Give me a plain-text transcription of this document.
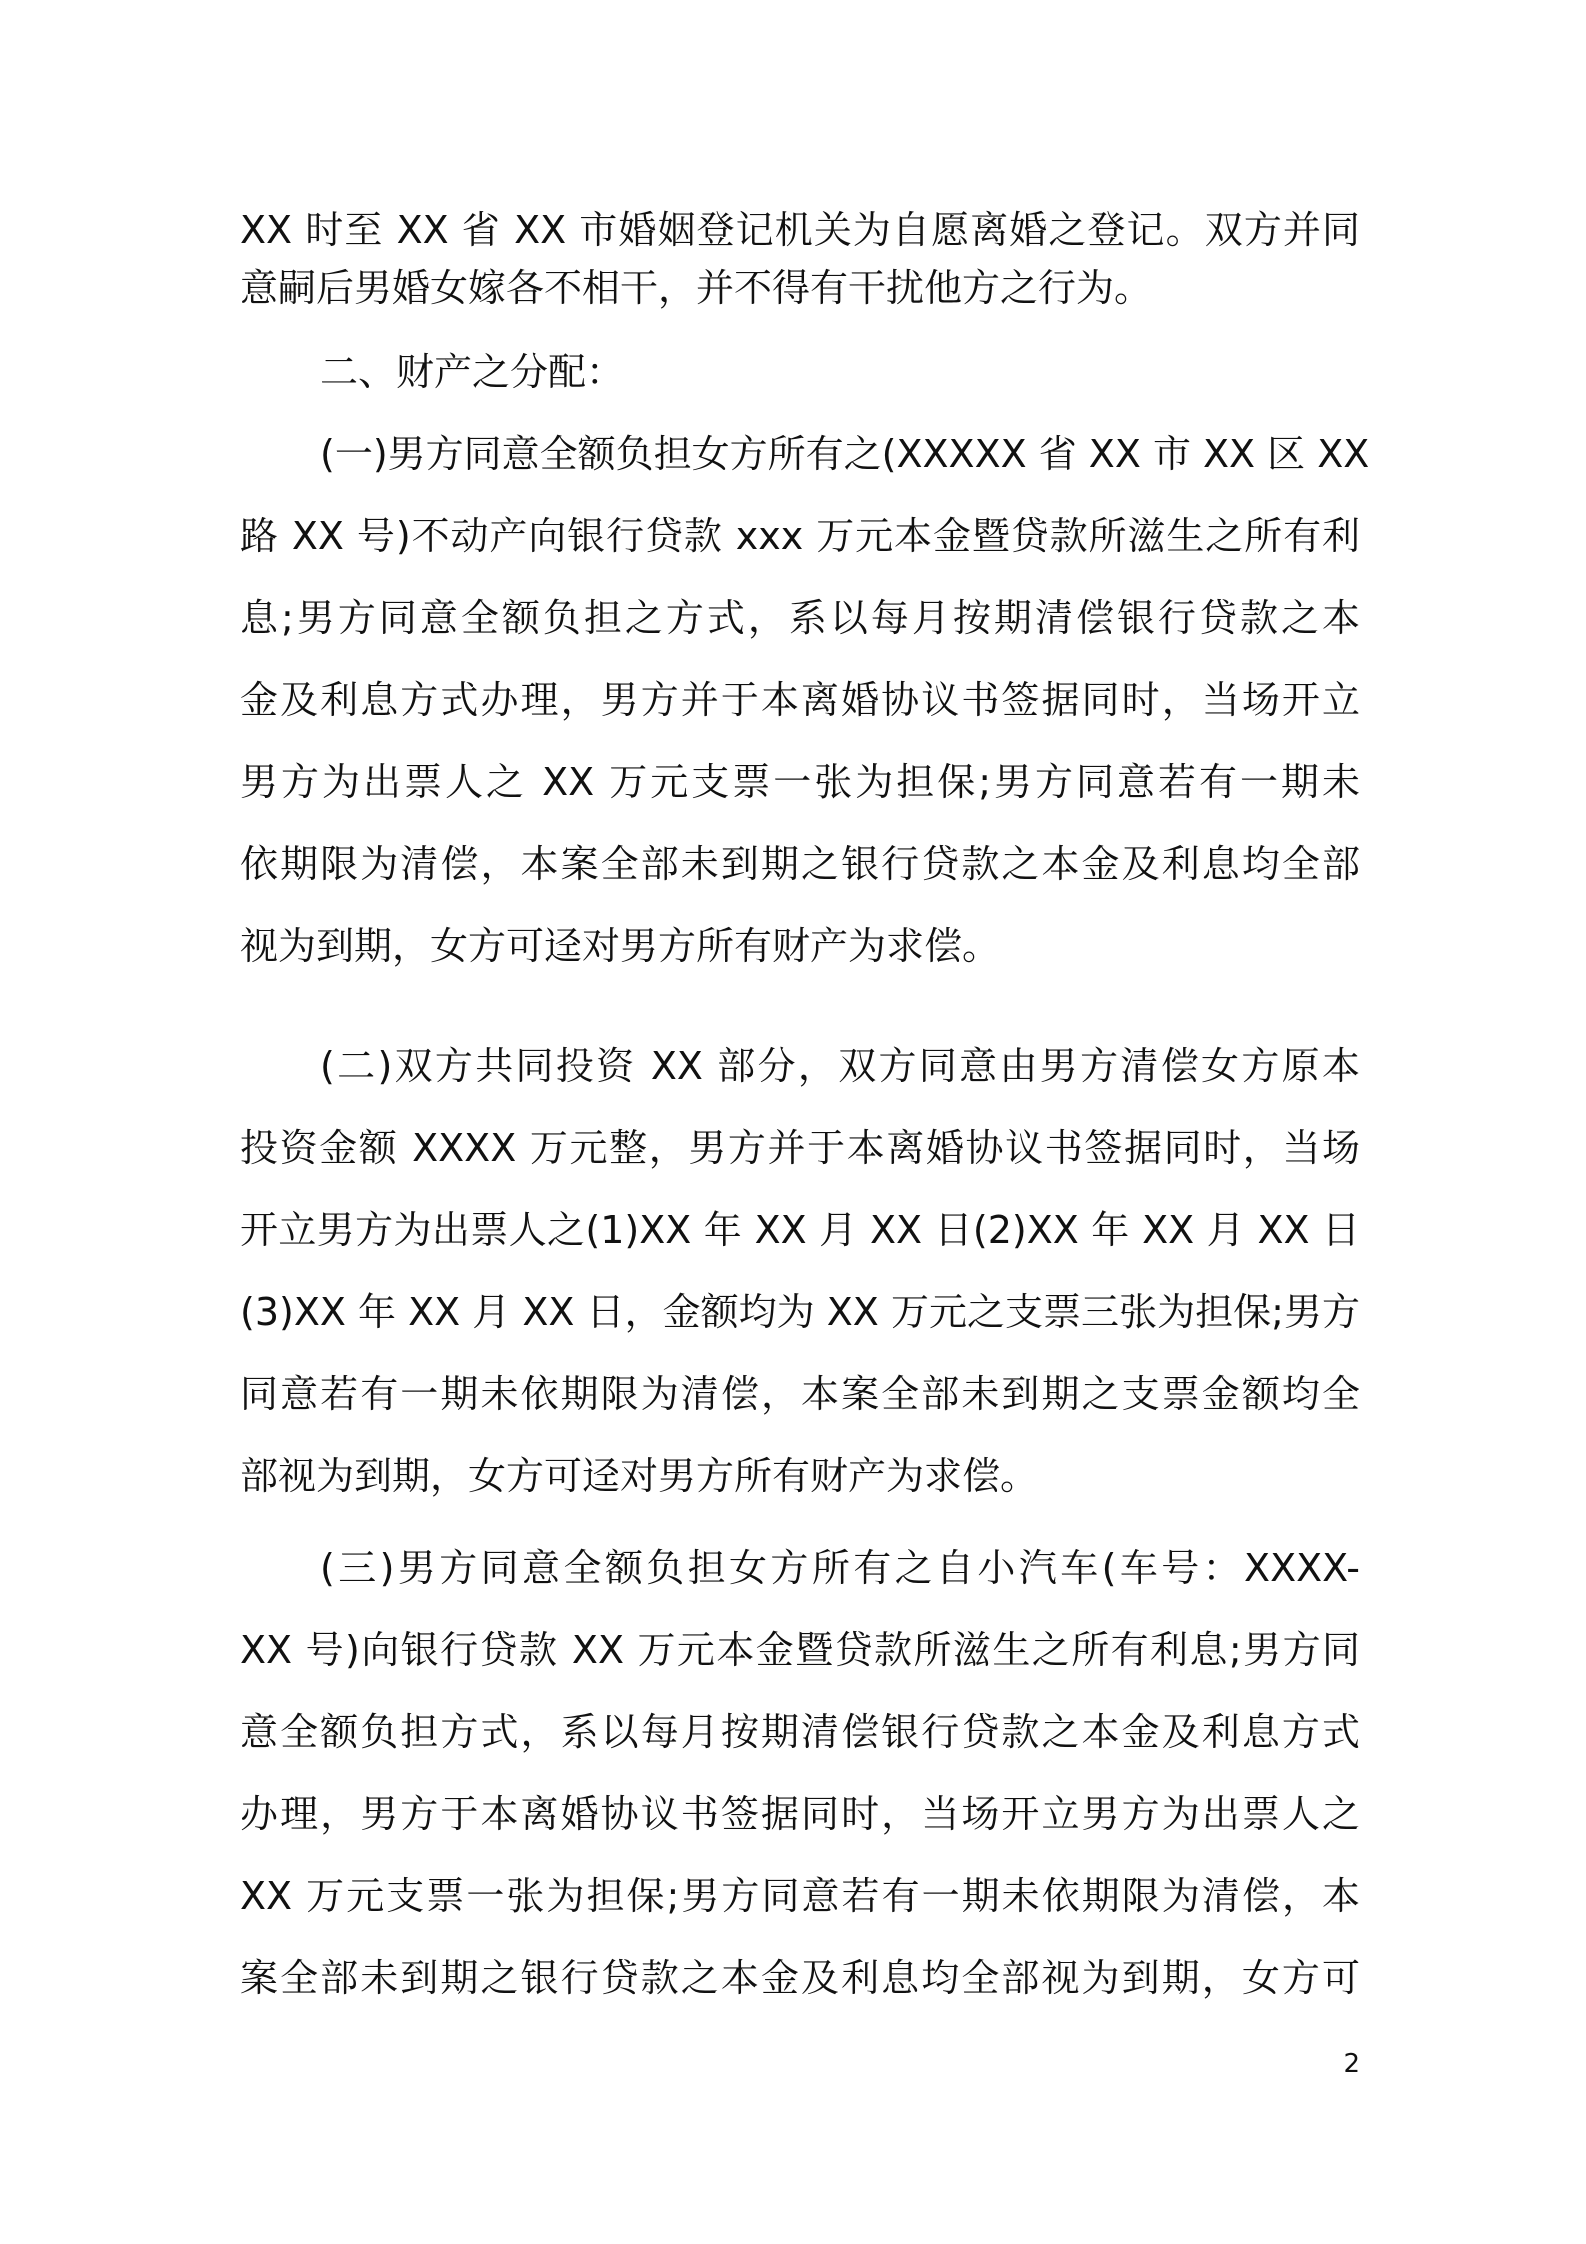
XX 时至 XX 省 XX 市婚姻登记机关为自愿离婚之登记。双方并同
意嗣后男婚女嫁各不相干，并不得有干扰他方之行为。
二、财产之分配：
(一)男方同意全额负担女方所有之(XXXXX 省 XX 市 XX 区 XX
路 XX 号)不动产向银行贷款 xxx 万元本金暨贷款所滋生之所有利
息;男方同意全额负担之方式，系以每月按期清偿银行贷款之本
金及利息方式办理，男方并于本离婚协议书签据同时，当场开立
男方为出票人之 XX 万元支票一张为担保;男方同意若有一期未
依期限为清偿，本案全部未到期之银行贷款之本金及利息均全部
视为到期，女方可迳对男方所有财产为求偿。
(二)双方共同投资 XX 部分，双方同意由男方清偿女方原本
投资金额 XXXX 万元整，男方并于本离婚协议书签据同时，当场
开立男方为出票人之(1)XX 年 XX 月 XX 日(2)XX 年 XX 月 XX 日
(3)XX 年 XX 月 XX 日，金额均为 XX 万元之支票三张为担保;男方
同意若有一期未依期限为清偿，本案全部未到期之支票金额均全
部视为到期，女方可迳对男方所有财产为求偿。
(三)男方同意全额负担女方所有之自小汽车(车号：XXXX-
XX 号)向银行贷款 XX 万元本金暨贷款所滋生之所有利息;男方同
意全额负担方式，系以每月按期清偿银行贷款之本金及利息方式
办理，男方于本离婚协议书签据同时，当场开立男方为出票人之
XX 万元支票一张为担保;男方同意若有一期未依期限为清偿，本
案全部未到期之银行贷款之本金及利息均全部视为到期，女方可
2
